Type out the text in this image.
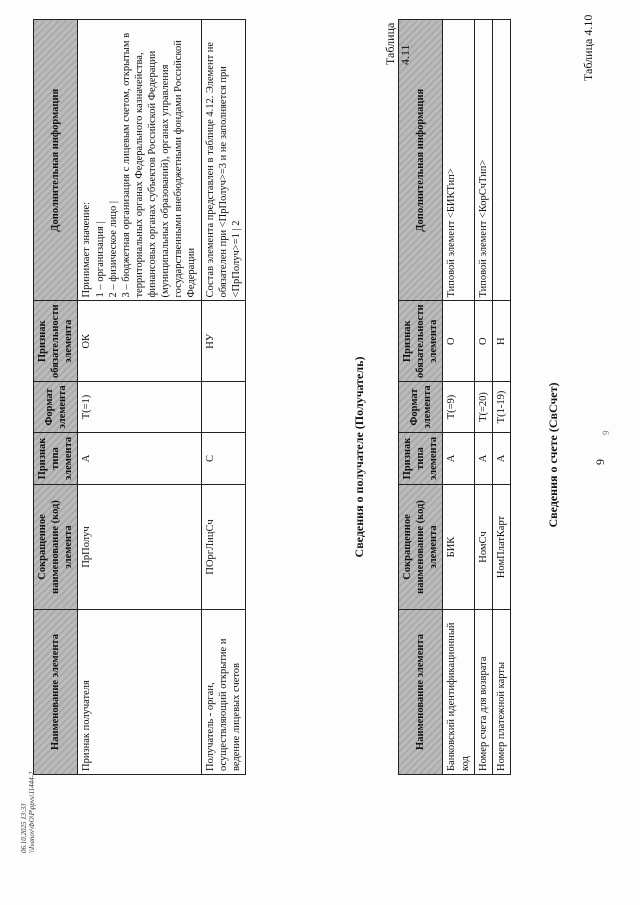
9
Таблица 4.10
Сведения о счете (СвСчет)
Наименование элемента	Сокращенное наименование (код) элемента	Признак типа элемента	Формат элемента	Признак обязательности элемента	Дополнительная информация
Банковский идентификационный код	БИК	А	Т(=9)	О	Типовой элемент <БИКТип>
Номер счета для возврата	НомСч	А	Т(=20)	О	Типовой элемент <КорСчТип>
Номер платежной карты	НомПлатКарт	А	Т(1-19)	Н	
Таблица 4.11
Сведения о получателе (Получатель)
Наименование элемента	Сокращенное наименование (код) элемента	Признак типа элемента	Формат элемента	Признак обязательности элемента	Дополнительная информация
Признак получателя	ПрПолуч	А	Т(=1)	ОК	Принимает значение:
1 – организация |
2 – физическое лицо |
3 – бюджетная организация с лицевым счетом, открытым в территориальных органах Федерального казначейства, финансовых органах субъектов Российской Федерации (муниципальных образований), органах управления государственными внебюджетными фондами Российской Федерации
Получатель - орган, осуществляющий открытие и ведение лицевых счетов	ПОргЛицСч	С		НУ	Состав элемента представлен в таблице 4.12. Элемент не обязателен при <ПрПолуч>=3 и не заполняется при <ПрПолуч>=1 | 2
06.10.2025 13:33 \\Ivanov\ФО\Р\ppvs\11444-2
9
